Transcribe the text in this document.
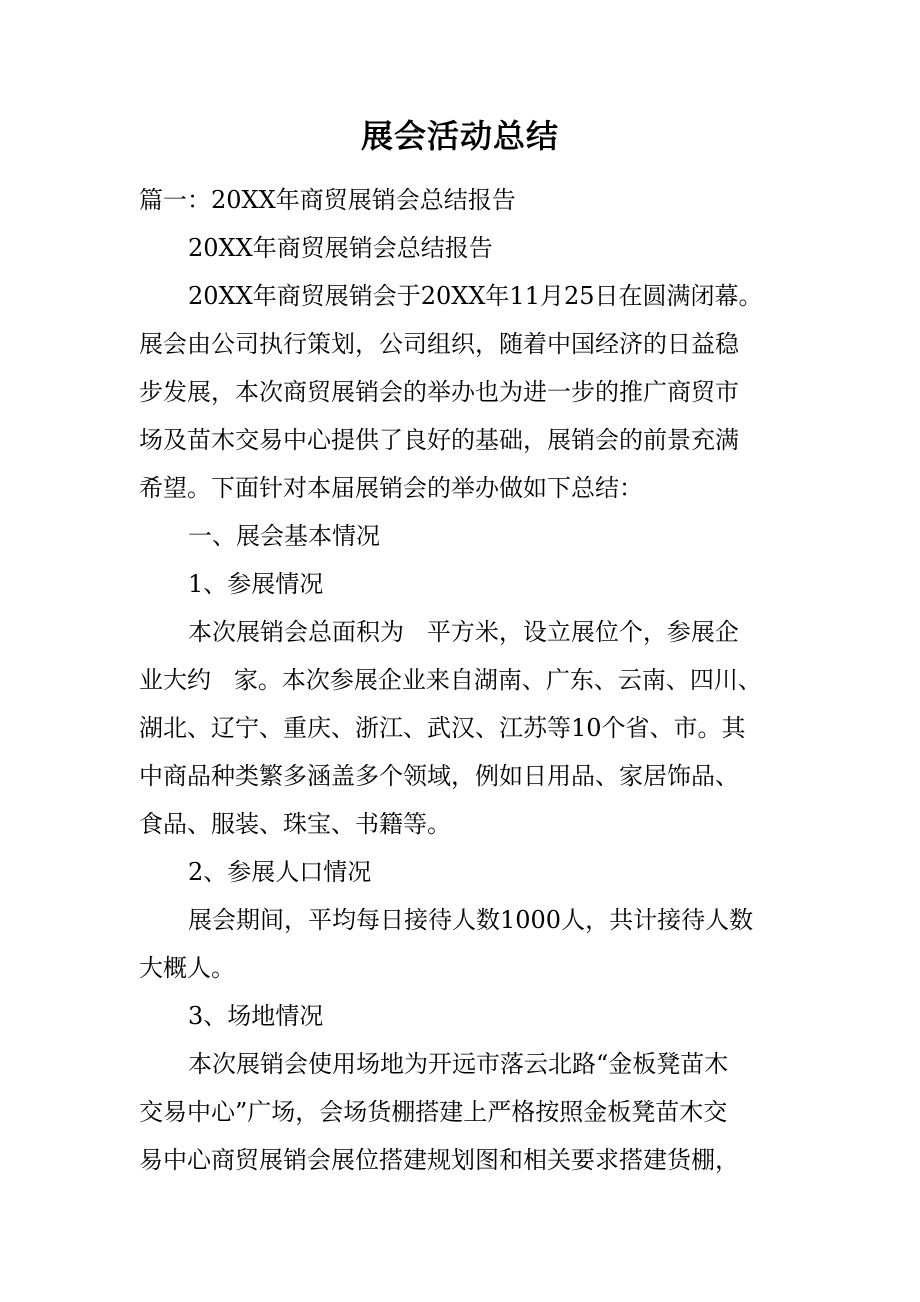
展会活动总结
篇一：20XX年商贸展销会总结报告
20XX年商贸展销会总结报告
20XX年商贸展销会于20XX年11月25日在圆满闭幕。
展会由公司执行策划，公司组织，随着中国经济的日益稳
步发展，本次商贸展销会的举办也为进一步的推广商贸市
场及苗木交易中心提供了良好的基础，展销会的前景充满
希望。下面针对本届展销会的举办做如下总结：
一、展会基本情况
1、参展情况
本次展销会总面积为   平方米，设立展位个，参展企
业大约   家。本次参展企业来自湖南、广东、云南、四川、
湖北、辽宁、重庆、浙江、武汉、江苏等10个省、市。其
中商品种类繁多涵盖多个领域，例如日用品、家居饰品、
食品、服装、珠宝、书籍等。
2、参展人口情况
展会期间，平均每日接待人数1000人，共计接待人数
大概人。
3、场地情况
本次展销会使用场地为开远市落云北路“金板凳苗木
交易中心”广场，会场货棚搭建上严格按照金板凳苗木交
易中心商贸展销会展位搭建规划图和相关要求搭建货棚，
